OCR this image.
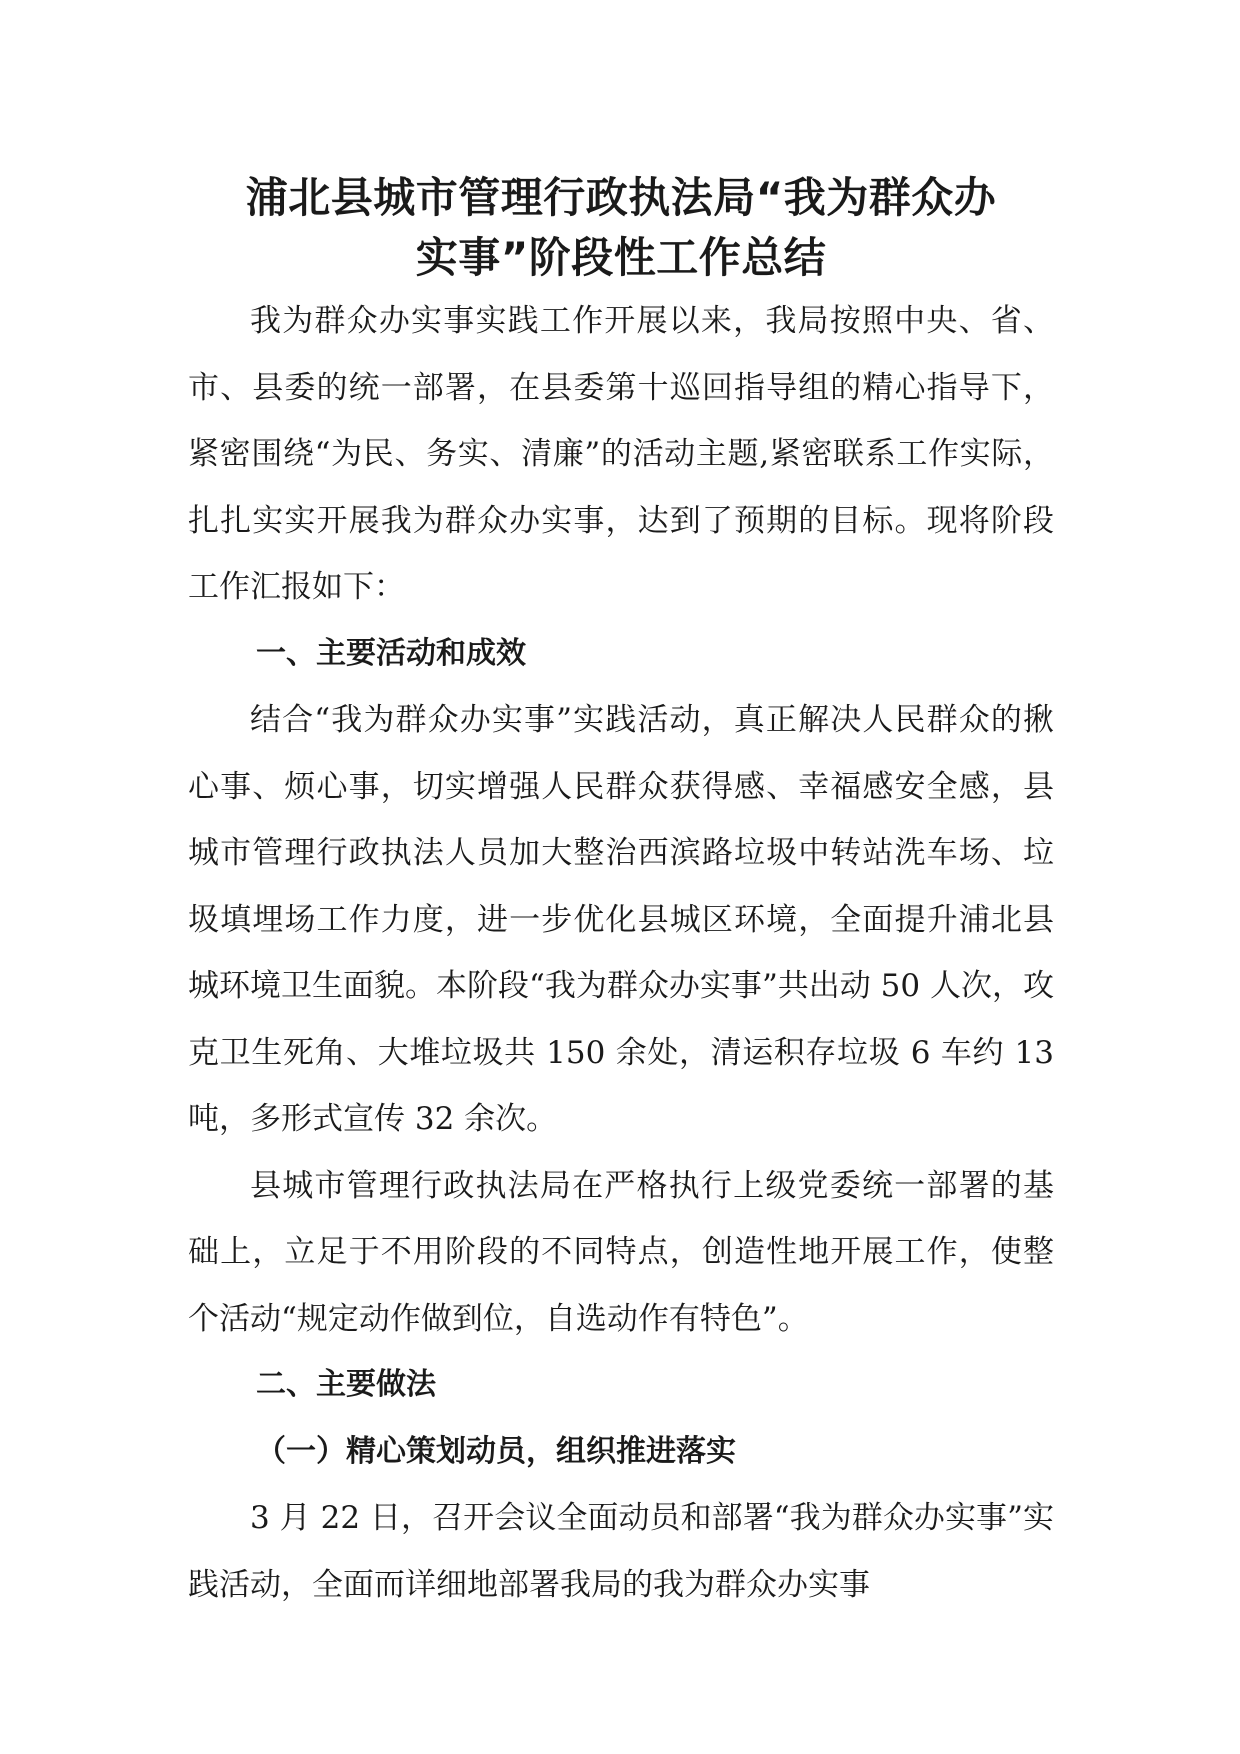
浦北县城市管理行政执法局“我为群众办
实事”阶段性工作总结

我为群众办实事实践工作开展以来，我局按照中央、省、市、县委的统一部署，在县委第十巡回指导组的精心指导下，紧密围绕“为民、务实、清廉”的活动主题,紧密联系工作实际，扎扎实实开展我为群众办实事，达到了预期的目标。现将阶段工作汇报如下：

一、主要活动和成效

结合“我为群众办实事”实践活动，真正解决人民群众的揪心事、烦心事，切实增强人民群众获得感、幸福感安全感，县城市管理行政执法人员加大整治西滨路垃圾中转站洗车场、垃圾填埋场工作力度，进一步优化县城区环境，全面提升浦北县城环境卫生面貌。本阶段“我为群众办实事”共出动 50 人次，攻克卫生死角、大堆垃圾共 150 余处，清运积存垃圾 6 车约 13 吨，多形式宣传 32 余次。

县城市管理行政执法局在严格执行上级党委统一部署的基础上，立足于不用阶段的不同特点，创造性地开展工作，使整个活动“规定动作做到位，自选动作有特色”。

二、主要做法

（一）精心策划动员，组织推进落实

3 月 22 日，召开会议全面动员和部署“我为群众办实事”实践活动，全面而详细地部署我局的我为群众办实事
